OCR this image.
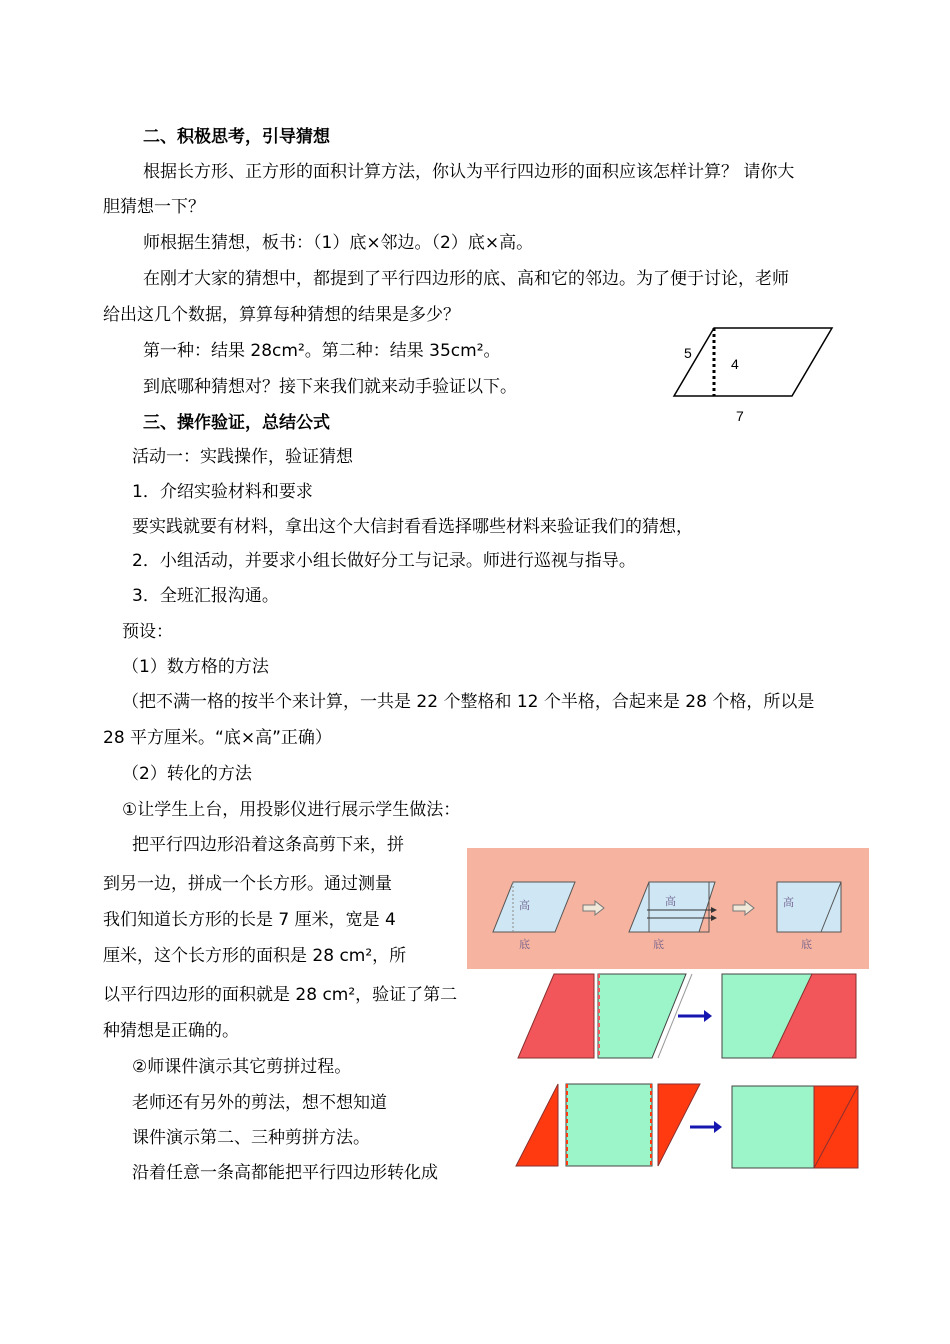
二、积极思考，引导猜想
根据长方形、正方形的面积计算方法，你认为平行四边形的面积应该怎样计算？ 请你大
胆猜想一下？
师根据生猜想，板书：（1）底×邻边。（2）底×高。
在刚才大家的猜想中，都提到了平行四边形的底、高和它的邻边。为了便于讨论，老师
给出这几个数据，算算每种猜想的结果是多少？
第一种：结果 28cm²。第二种：结果 35cm²。
到底哪种猜想对？接下来我们就来动手验证以下。
5
4
7
三、操作验证，总结公式
活动一：实践操作，验证猜想
1．介绍实验材料和要求
要实践就要有材料，拿出这个大信封看看选择哪些材料来验证我们的猜想，
2．小组活动，并要求小组长做好分工与记录。师进行巡视与指导。
3．全班汇报沟通。
预设：
（1）数方格的方法
（把不满一格的按半个来计算，一共是 22 个整格和 12 个半格，合起来是 28 个格，所以是
28 平方厘米。“底×高”正确）
（2）转化的方法
①让学生上台，用投影仪进行展示学生做法：
把平行四边形沿着这条高剪下来，拼
到另一边，拼成一个长方形。通过测量
我们知道长方形的长是 7 厘米，宽是 4
厘米，这个长方形的面积是 28 cm²，所
以平行四边形的面积就是 28 cm²，验证了第二
种猜想是正确的。
②师课件演示其它剪拼过程。
老师还有另外的剪法，想不想知道
课件演示第二、三种剪拼方法。
沿着任意一条高都能把平行四边形转化成
高
底
高
底
高
底
